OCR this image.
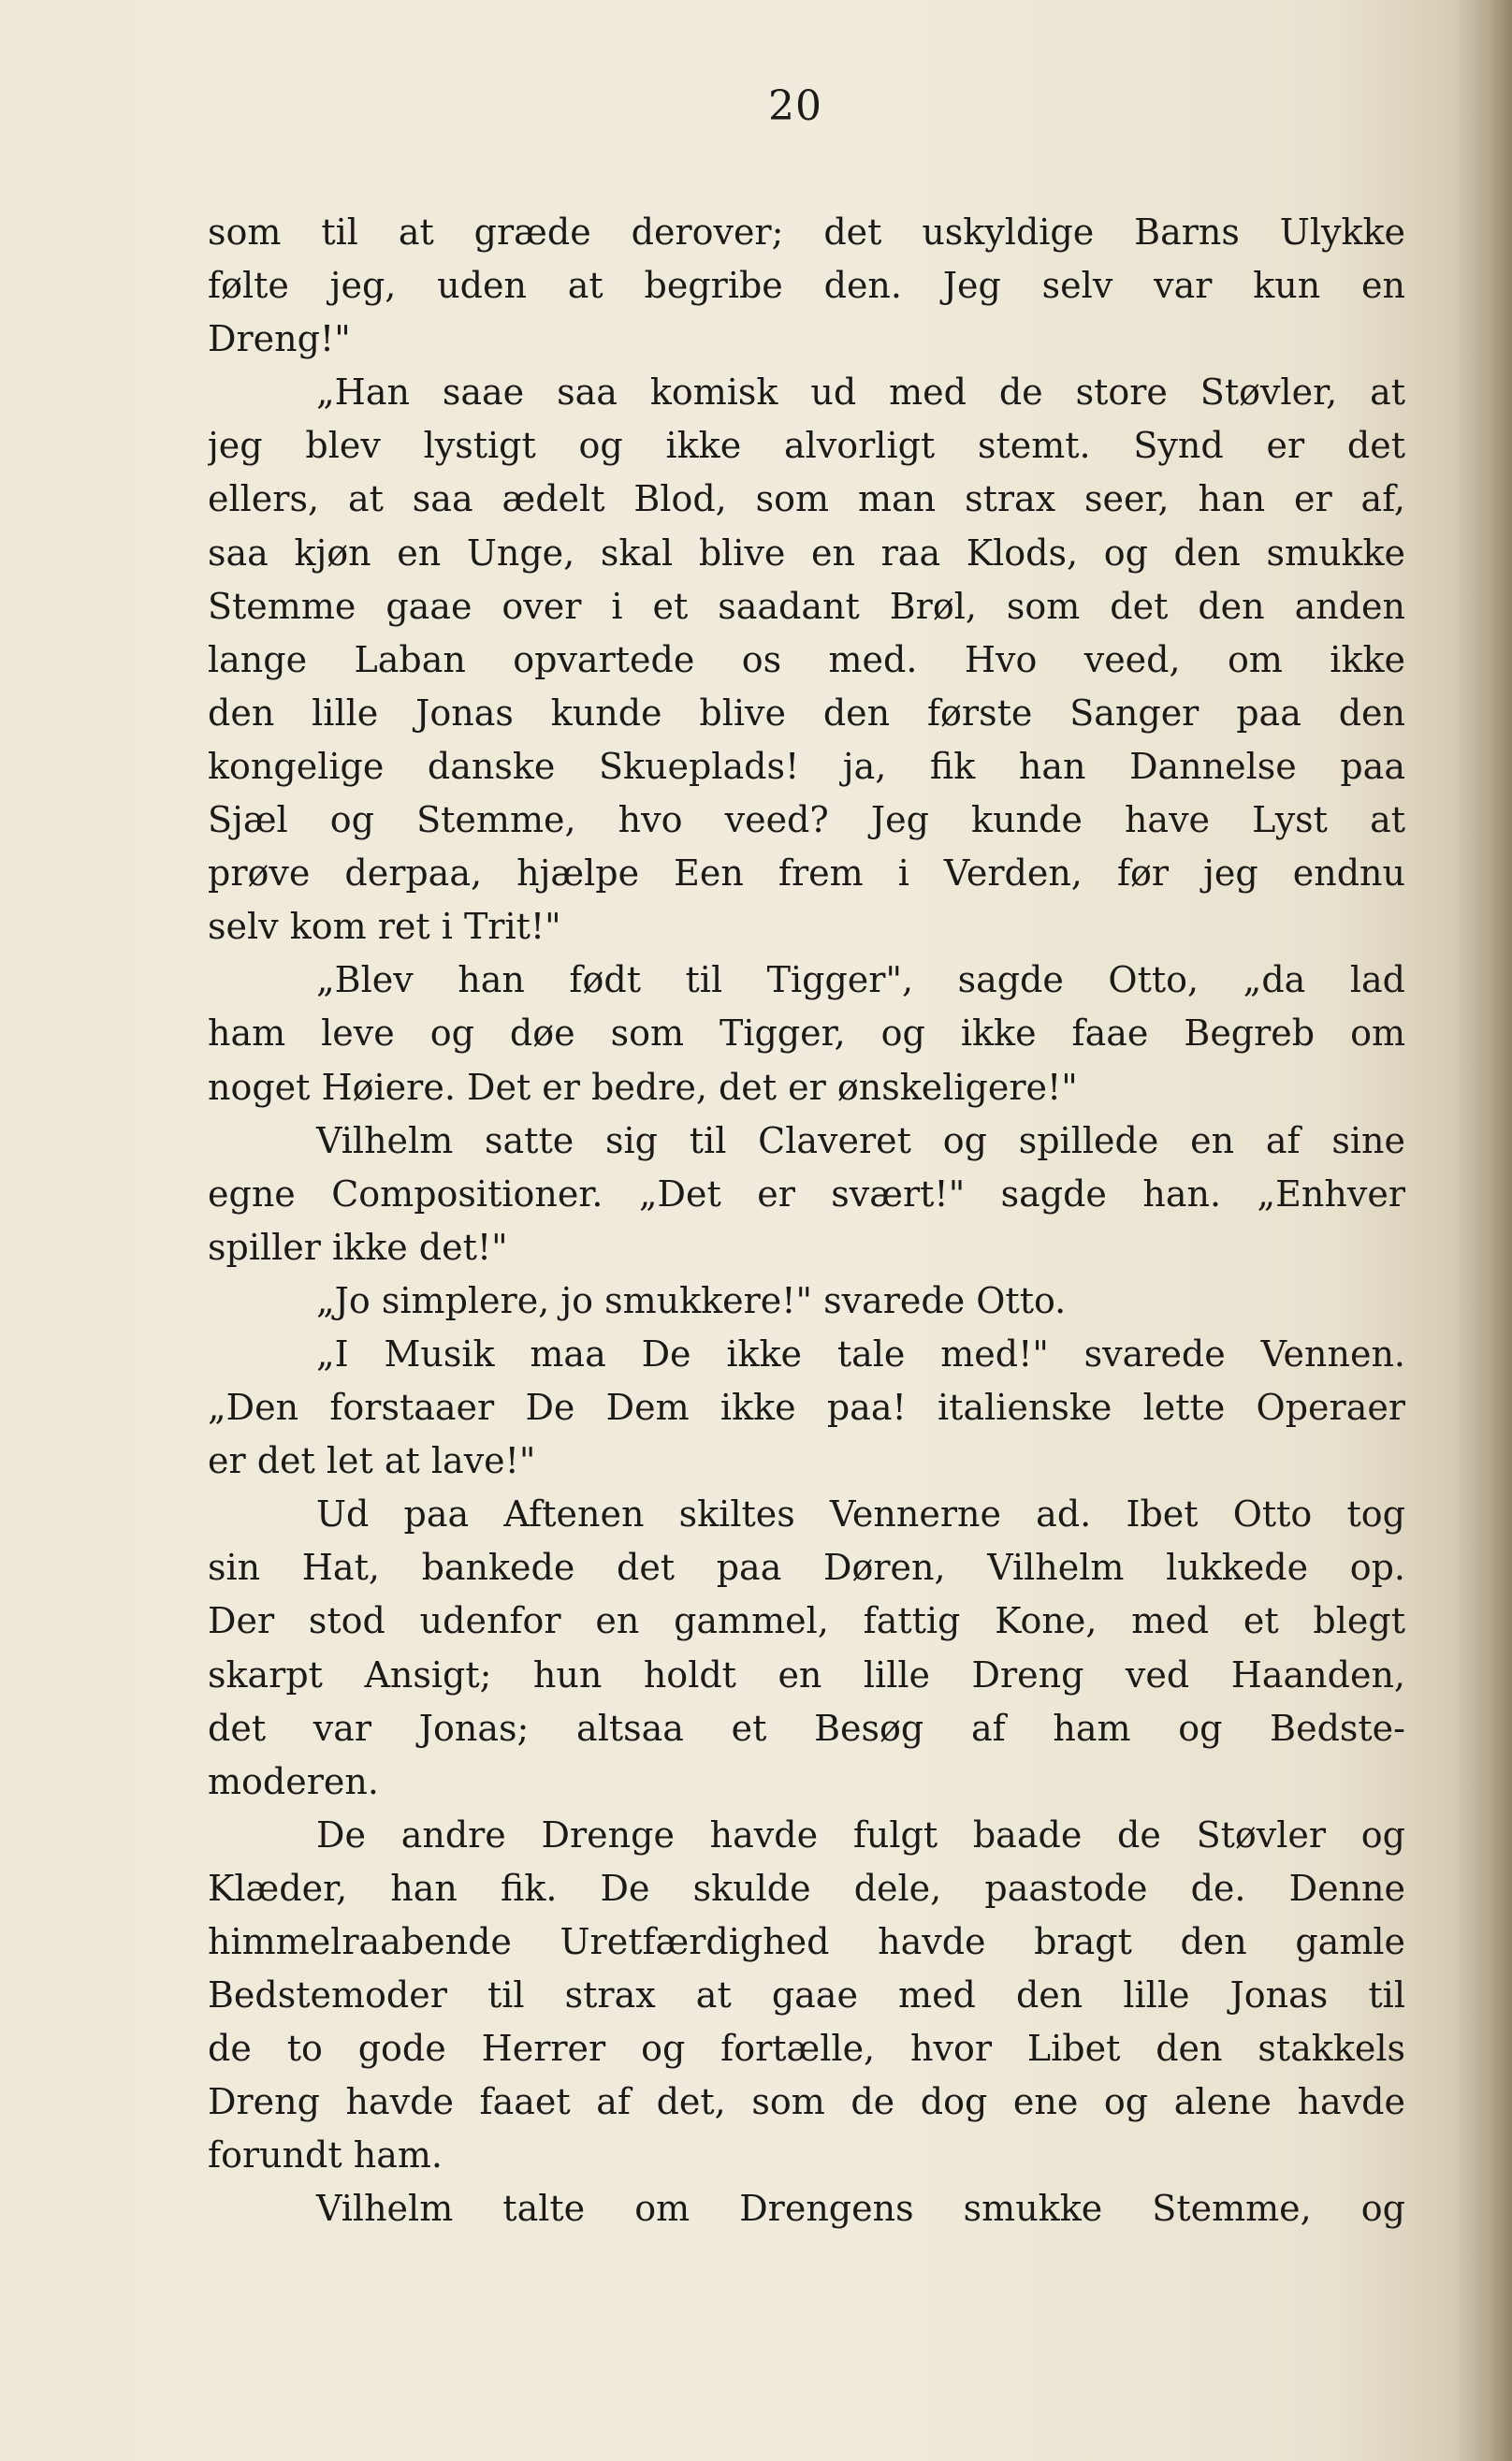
20
som til at græde derover; det uskyldige Barns Ulykke
følte jeg, uden at begribe den. Jeg selv var kun en
Dreng!"
„Han saae saa komisk ud med de store Støvler, at
jeg blev lystigt og ikke alvorligt stemt. Synd er det
ellers, at saa ædelt Blod, som man strax seer, han er af,
saa kjøn en Unge, skal blive en raa Klods, og den smukke
Stemme gaae over i et saadant Brøl, som det den anden
lange Laban opvartede os med. Hvo veed, om ikke
den lille Jonas kunde blive den første Sanger paa den
kongelige danske Skueplads! ja, fik han Dannelse paa
Sjæl og Stemme, hvo veed? Jeg kunde have Lyst at
prøve derpaa, hjælpe Een frem i Verden, før jeg endnu
selv kom ret i Trit!"
„Blev han født til Tigger", sagde Otto, „da lad
ham leve og døe som Tigger, og ikke faae Begreb om
noget Høiere. Det er bedre, det er ønskeligere!"
Vilhelm satte sig til Claveret og spillede en af sine
egne Compositioner. „Det er svært!" sagde han. „Enhver
spiller ikke det!"
„Jo simplere, jo smukkere!" svarede Otto.
„I Musik maa De ikke tale med!" svarede Vennen.
„Den forstaaer De Dem ikke paa! italienske lette Operaer
er det let at lave!"
Ud paa Aftenen skiltes Vennerne ad. Ibet Otto tog
sin Hat, bankede det paa Døren, Vilhelm lukkede op.
Der stod udenfor en gammel, fattig Kone, med et blegt
skarpt Ansigt; hun holdt en lille Dreng ved Haanden,
det var Jonas; altsaa et Besøg af ham og Bedste-
moderen.
De andre Drenge havde fulgt baade de Støvler og
Klæder, han fik. De skulde dele, paastode de. Denne
himmelraabende Uretfærdighed havde bragt den gamle
Bedstemoder til strax at gaae med den lille Jonas til
de to gode Herrer og fortælle, hvor Libet den stakkels
Dreng havde faaet af det, som de dog ene og alene havde
forundt ham.
Vilhelm talte om Drengens smukke Stemme, og
